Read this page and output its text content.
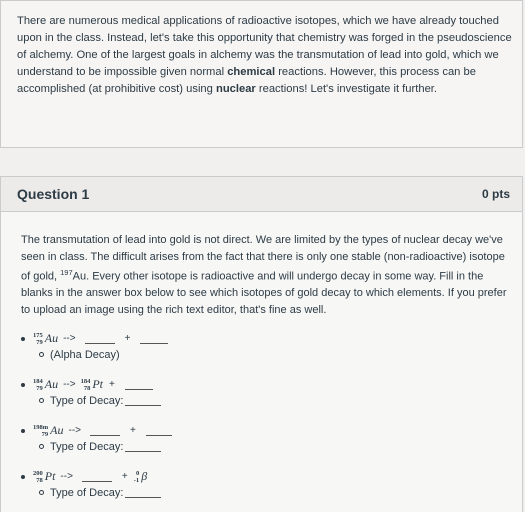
There are numerous medical applications of radioactive isotopes, which we have already touched upon in the class. Instead, let's take this opportunity that chemistry was forged in the pseudoscience of alchemy. One of the largest goals in alchemy was the transmutation of lead into gold, which we understand to be impossible given normal chemical reactions. However, this process can be accomplished (at prohibitive cost) using nuclear reactions! Let's investigate it further.

Question 1	0 pts

The transmutation of lead into gold is not direct. We are limited by the types of nuclear decay we've seen in class. The difficult arises from the fact that there is only one stable (non-radioactive) isotope of gold, $^{197}$Au. Every other isotope is radioactive and will undergo decay in some way. Fill in the blanks in the answer box below to see which isotopes of gold decay to which elements. If you prefer to upload an image using the rich text editor, that's fine as well.

175
79 Au -->	+
(Alpha Decay)
184
79 Au --> 184
78 Pt +
Type of Decay:
198m
79 Au -->	+
Type of Decay:
200
78 Pt -->	+ 0
-1 β
Type of Decay:
